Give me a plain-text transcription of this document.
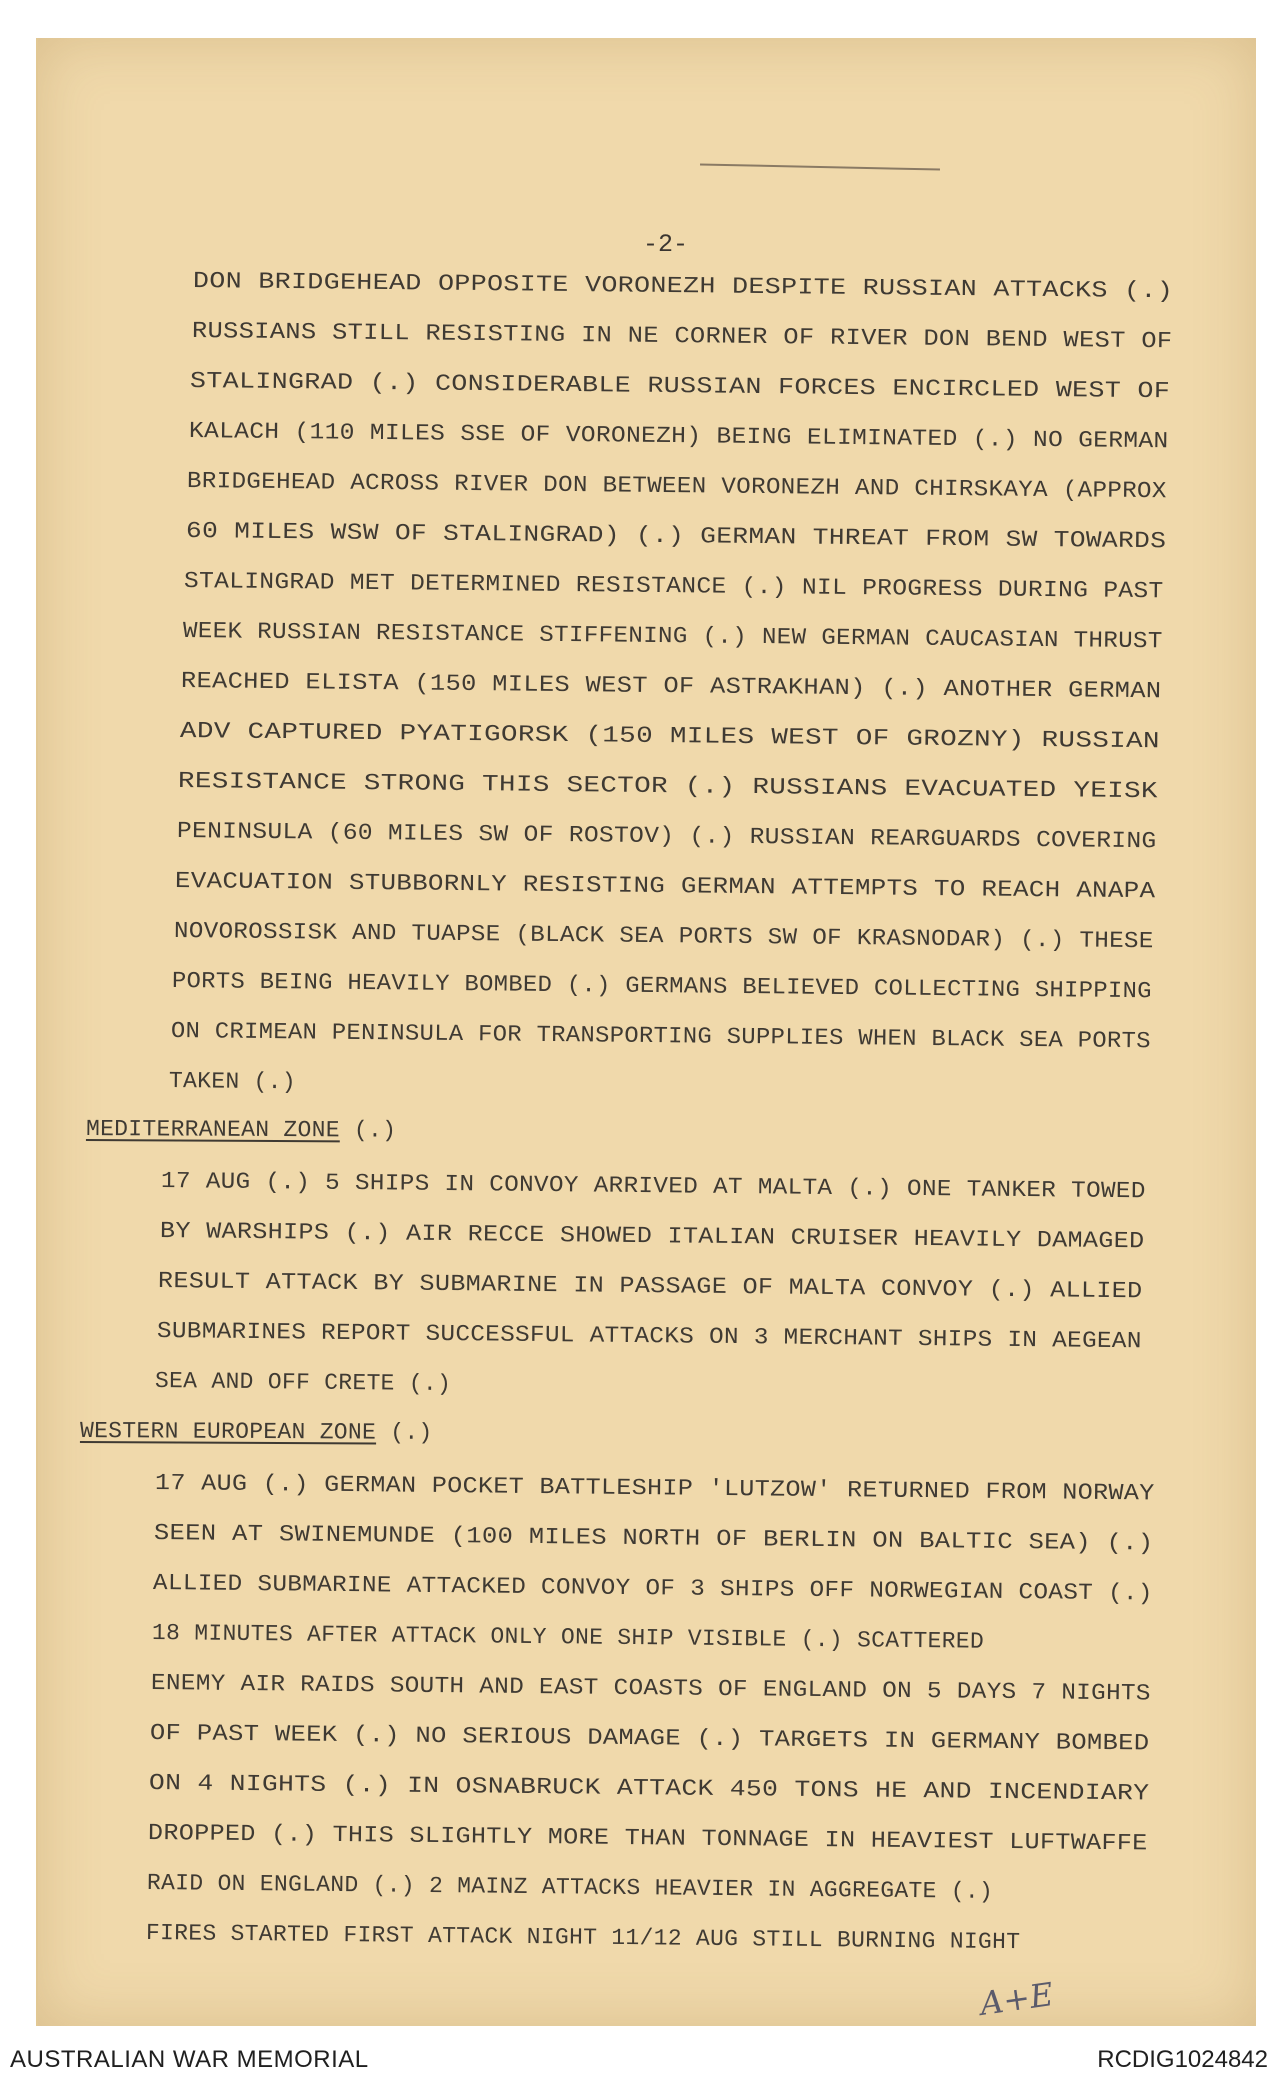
-2-
DON BRIDGEHEAD OPPOSITE VORONEZH DESPITE RUSSIAN ATTACKS (.)
RUSSIANS STILL RESISTING IN NE CORNER OF RIVER DON BEND WEST OF
STALINGRAD (.) CONSIDERABLE RUSSIAN FORCES ENCIRCLED WEST OF
KALACH (110 MILES SSE OF VORONEZH) BEING ELIMINATED (.) NO GERMAN
BRIDGEHEAD ACROSS RIVER DON BETWEEN VORONEZH AND CHIRSKAYA (APPROX
60 MILES WSW OF STALINGRAD) (.) GERMAN THREAT FROM SW TOWARDS
STALINGRAD MET DETERMINED RESISTANCE (.) NIL PROGRESS DURING PAST
WEEK RUSSIAN RESISTANCE STIFFENING (.) NEW GERMAN CAUCASIAN THRUST
REACHED ELISTA (150 MILES WEST OF ASTRAKHAN) (.) ANOTHER GERMAN
ADV CAPTURED PYATIGORSK (150 MILES WEST OF GROZNY) RUSSIAN
RESISTANCE STRONG THIS SECTOR (.) RUSSIANS EVACUATED YEISK
PENINSULA (60 MILES SW OF ROSTOV) (.) RUSSIAN REARGUARDS COVERING
EVACUATION STUBBORNLY RESISTING GERMAN ATTEMPTS TO REACH ANAPA
NOVOROSSISK AND TUAPSE (BLACK SEA PORTS SW OF KRASNODAR) (.) THESE
PORTS BEING HEAVILY BOMBED (.) GERMANS BELIEVED COLLECTING SHIPPING
ON CRIMEAN PENINSULA FOR TRANSPORTING SUPPLIES WHEN BLACK SEA PORTS
TAKEN (.)
MEDITERRANEAN ZONE (.)
17 AUG (.) 5 SHIPS IN CONVOY ARRIVED AT MALTA (.) ONE TANKER TOWED
BY WARSHIPS (.) AIR RECCE SHOWED ITALIAN CRUISER HEAVILY DAMAGED
RESULT ATTACK BY SUBMARINE IN PASSAGE OF MALTA CONVOY (.) ALLIED
SUBMARINES REPORT SUCCESSFUL ATTACKS ON 3 MERCHANT SHIPS IN AEGEAN
SEA AND OFF CRETE (.)
WESTERN EUROPEAN ZONE (.)
17 AUG (.) GERMAN POCKET BATTLESHIP 'LUTZOW' RETURNED FROM NORWAY
SEEN AT SWINEMUNDE (100 MILES NORTH OF BERLIN ON BALTIC SEA) (.)
ALLIED SUBMARINE ATTACKED CONVOY OF 3 SHIPS OFF NORWEGIAN COAST (.)
18 MINUTES AFTER ATTACK ONLY ONE SHIP VISIBLE (.) SCATTERED
ENEMY AIR RAIDS SOUTH AND EAST COASTS OF ENGLAND ON 5 DAYS 7 NIGHTS
OF PAST WEEK (.) NO SERIOUS DAMAGE (.) TARGETS IN GERMANY BOMBED
ON 4 NIGHTS (.) IN OSNABRUCK ATTACK 450 TONS HE AND INCENDIARY
DROPPED (.) THIS SLIGHTLY MORE THAN TONNAGE IN HEAVIEST LUFTWAFFE
RAID ON ENGLAND (.) 2 MAINZ ATTACKS HEAVIER IN AGGREGATE (.)
FIRES STARTED FIRST ATTACK NIGHT 11/12 AUG STILL BURNING NIGHT
A+E
AUSTRALIAN WAR MEMORIAL	RCDIG1024842
